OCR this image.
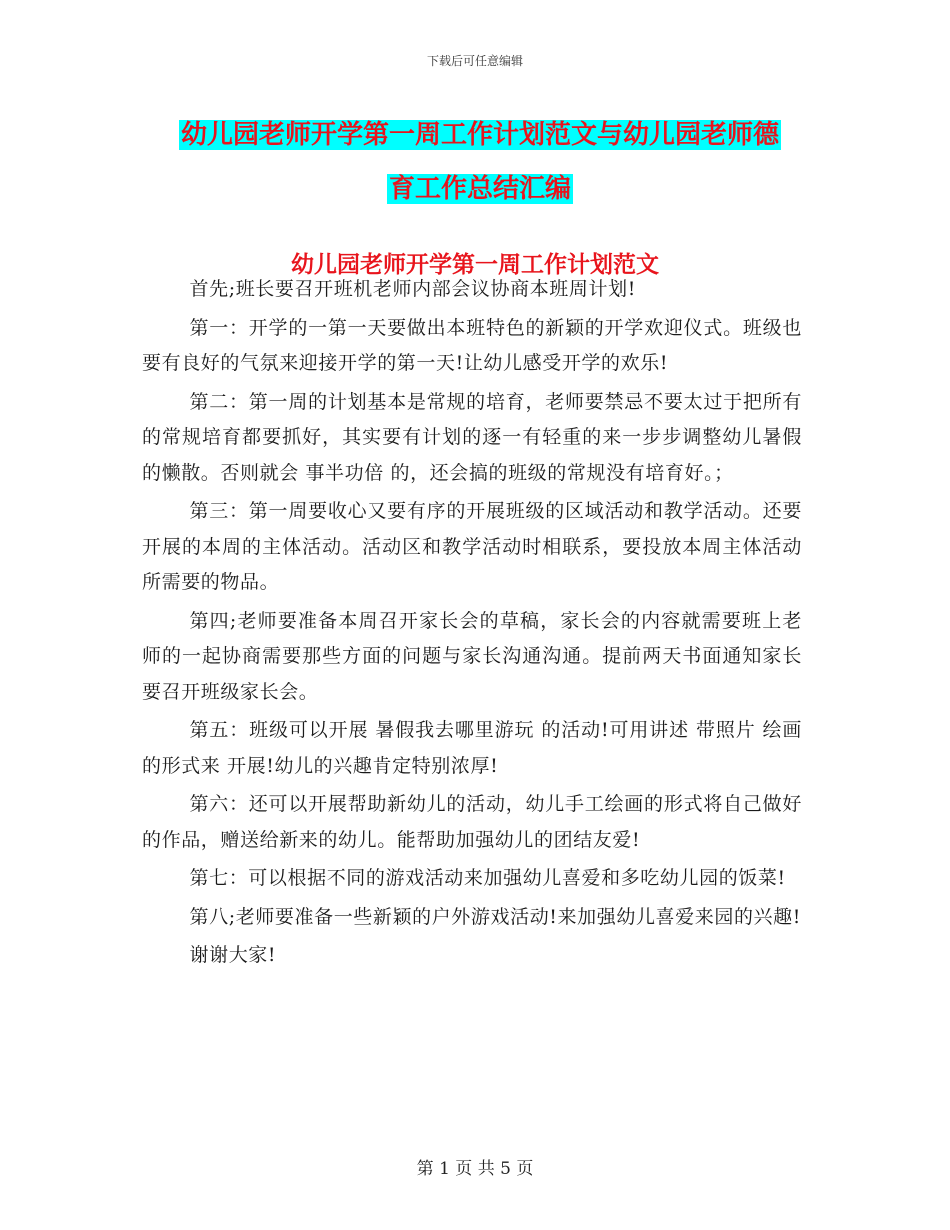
下载后可任意编辑
幼儿园老师开学第一周工作计划范文与幼儿园老师德
育工作总结汇编
幼儿园老师开学第一周工作计划范文

首先;班长要召开班机老师内部会议协商本班周计划!

第一：开学的一第一天要做出本班特色的新颖的开学欢迎仪式。班级也要有良好的气氛来迎接开学的第一天!让幼儿感受开学的欢乐!

第二：第一周的计划基本是常规的培育，老师要禁忌不要太过于把所有的常规培育都要抓好，其实要有计划的逐一有轻重的来一步步调整幼儿暑假的懒散。否则就会 事半功倍 的，还会搞的班级的常规没有培育好。；

第三：第一周要收心又要有序的开展班级的区域活动和教学活动。还要开展的本周的主体活动。活动区和教学活动时相联系，要投放本周主体活动所需要的物品。

第四;老师要准备本周召开家长会的草稿，家长会的内容就需要班上老师的一起协商需要那些方面的问题与家长沟通沟通。提前两天书面通知家长要召开班级家长会。

第五：班级可以开展 暑假我去哪里游玩 的活动!可用讲述 带照片 绘画的形式来 开展!幼儿的兴趣肯定特别浓厚!

第六：还可以开展帮助新幼儿的活动，幼儿手工绘画的形式将自己做好的作品，赠送给新来的幼儿。能帮助加强幼儿的团结友爱!

第七：可以根据不同的游戏活动来加强幼儿喜爱和多吃幼儿园的饭菜!

第八;老师要准备一些新颖的户外游戏活动!来加强幼儿喜爱来园的兴趣!

谢谢大家!

第 1 页 共 5 页
